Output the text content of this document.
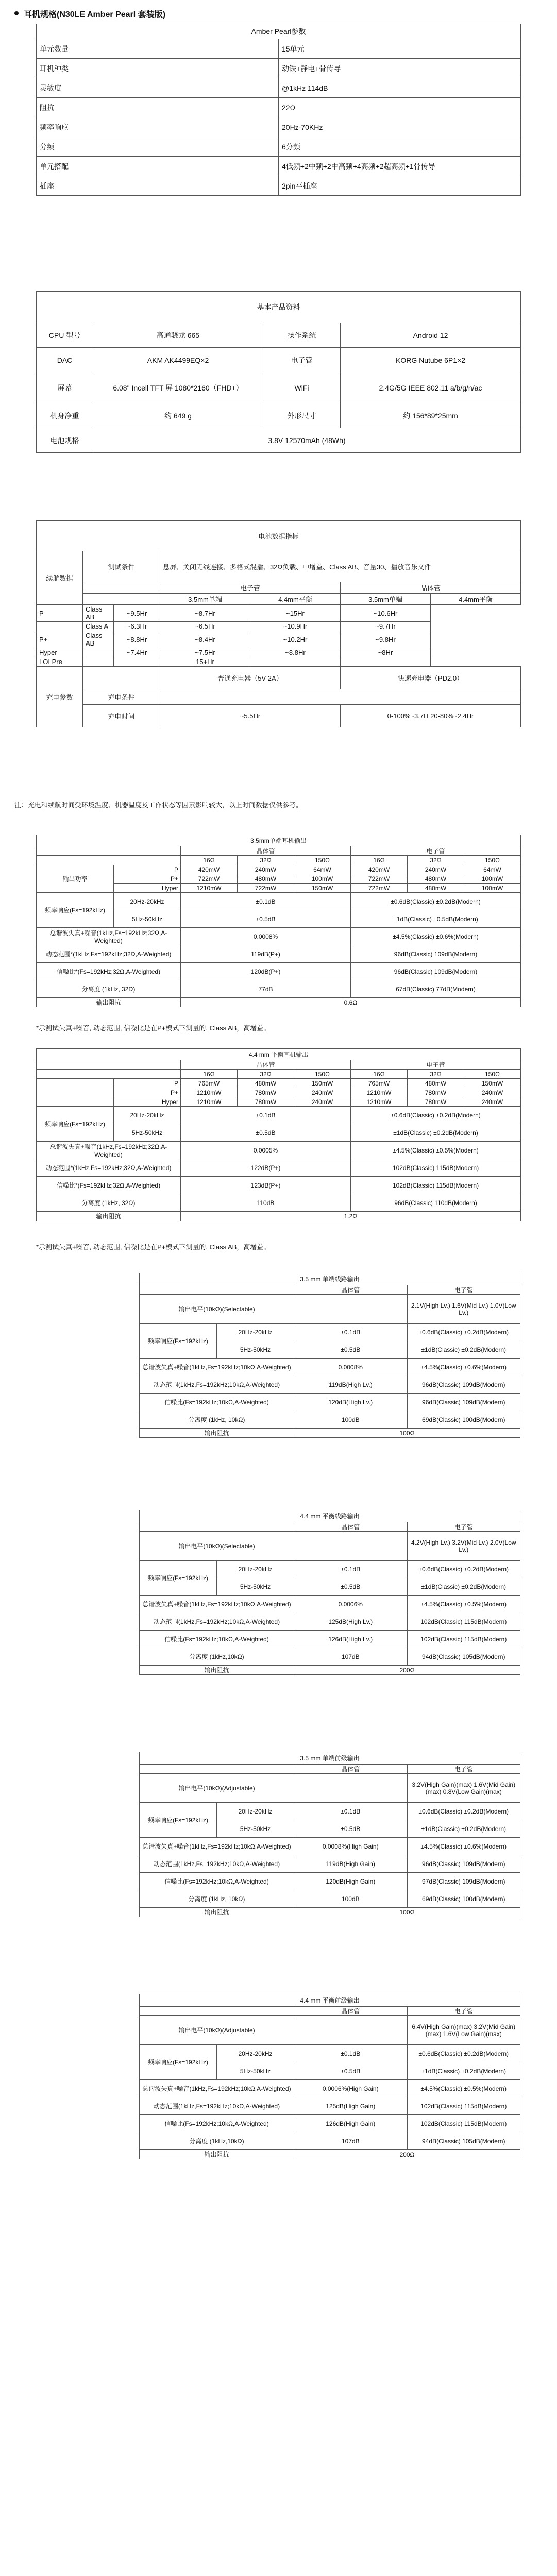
耳机规格(N30LE Amber Pearl 套装版)
Amber Pearl参数	
单元数量	15单元
耳机种类	动铁+静电+骨传导
灵敏度	@1kHz 114dB
阻抗	22Ω
频率响应	20Hz-70KHz
分频	6分频
单元搭配	4低频+2中频+2中高频+4高频+2超高频+1骨传导
插座	2pin平插座
基本产品资料			
CPU 型号	高通骁龙 665	操作系统	Android 12
DAC	AKM AK4499EQ×2	电子管	KORG Nutube 6P1×2
屏幕	6.08" Incell TFT 屏 1080*2160（FHD+）	WiFi	2.4G/5G IEEE 802.11 a/b/g/n/ac
机身净重	约 649 g	外形尺寸	约 156*89*25mm
电池规格	3.8V 12570mAh (48Wh)		
电池数据指标						
续航数据	测试条件		息屏、关闭无线连接、多格式混播、32Ω负载、中增益、Class AB、音量30、播放音乐文件			
			电子管		晶体管	
			3.5mm单端	4.4mm平衡	3.5mm单端	4.4mm平衡
P	Class AB	~9.5Hr	~8.7Hr	~15Hr	~10.6Hr	
	Class A	~6.3Hr	~6.5Hr	~10.9Hr	~9.7Hr	
P+	Class AB	~8.8Hr	~8.4Hr	~10.2Hr	~9.8Hr	
Hyper		~7.4Hr	~7.5Hr	~8.8Hr	~8Hr	
LOI Pre			15+Hr			
充电参数			普通充电器（5V-2A）		快速充电器（PD2.0）	
	充电条件					
	充电时间		~5.5Hr		0-100%~3.7H 20-80%~2.4Hr	
注：充电和续航时间受环境温度、机器温度及工作状态等因素影响较大，以上时间数据仅供参考。
3.5mm单端耳机输出							
		晶体管			电子管		
		16Ω	32Ω	150Ω	16Ω	32Ω	150Ω
输出功率	P	420mW	240mW	64mW	420mW	240mW	64mW
	P+	722mW	480mW	100mW	722mW	480mW	100mW
	Hyper	1210mW	722mW	150mW	722mW	480mW	100mW
频率响应(Fs=192kHz)	20Hz-20kHz	±0.1dB			±0.6dB(Classic) ±0.2dB(Modern)		
	5Hz-50kHz	±0.5dB			±1dB(Classic) ±0.5dB(Modern)		
总谐波失真+噪音(1kHz,Fs=192kHz;32Ω,A-Weighted)		0.0008%			±4.5%(Classic) ±0.6%(Modern)		
动态范围*(1kHz,Fs=192kHz;32Ω,A-Weighted)		119dB(P+)			96dB(Classic) 109dB(Modern)		
信噪比*(Fs=192kHz;32Ω,A-Weighted)		120dB(P+)			96dB(Classic) 109dB(Modern)		
分离度 (1kHz, 32Ω)		77dB			67dB(Classic) 77dB(Modern)		
输出阻抗		0.6Ω					
*示测试失真+噪音, 动态范围, 信噪比是在P+模式下测量的, Class AB，高增益。
4.4 mm 平衡耳机输出							
		晶体管			电子管		
		16Ω	32Ω	150Ω	16Ω	32Ω	150Ω
	P	765mW	480mW	150mW	765mW	480mW	150mW
	P+	1210mW	780mW	240mW	1210mW	780mW	240mW
	Hyper	1210mW	780mW	240mW	1210mW	780mW	240mW
频率响应(Fs=192kHz)	20Hz-20kHz	±0.1dB			±0.6dB(Classic) ±0.2dB(Modern)		
	5Hz-50kHz	±0.5dB			±1dB(Classic) ±0.2dB(Modern)		
总谐波失真+噪音(1kHz,Fs=192kHz;32Ω,A-Weighted)		0.0005%			±4.5%(Classic) ±0.5%(Modern)		
动态范围*(1kHz,Fs=192kHz;32Ω,A-Weighted)		122dB(P+)			102dB(Classic) 115dB(Modern)		
信噪比*(Fs=192kHz;32Ω,A-Weighted)		123dB(P+)			102dB(Classic) 115dB(Modern)		
分离度 (1kHz, 32Ω)		110dB			96dB(Classic) 110dB(Modern)		
输出阻抗		1.2Ω					
*示测试失真+噪音, 动态范围, 信噪比是在P+模式下测量的, Class AB，高增益。
3.5 mm 单端线路输出			
		晶体管	电子管
输出电平(10kΩ)(Selectable)			2.1V(High Lv.) 1.6V(Mid Lv.) 1.0V(Low Lv.)
频率响应(Fs=192kHz)	20Hz-20kHz	±0.1dB	±0.6dB(Classic) ±0.2dB(Modern)
	5Hz-50kHz	±0.5dB	±1dB(Classic) ±0.2dB(Modern)
总谐波失真+噪音(1kHz,Fs=192kHz;10kΩ,A-Weighted)		0.0008%	±4.5%(Classic) ±0.6%(Modern)
动态范围(1kHz,Fs=192kHz;10kΩ,A-Weighted)		119dB(High Lv.)	96dB(Classic) 109dB(Modern)
信噪比(Fs=192kHz;10kΩ,A-Weighted)		120dB(High Lv.)	96dB(Classic) 109dB(Modern)
分离度 (1kHz, 10kΩ)		100dB	69dB(Classic) 100dB(Modern)
输出阻抗		100Ω	
4.4 mm 平衡线路输出			
		晶体管	电子管
输出电平(10kΩ)(Selectable)			4.2V(High Lv.) 3.2V(Mid Lv.) 2.0V(Low Lv.)
频率响应(Fs=192kHz)	20Hz-20kHz	±0.1dB	±0.6dB(Classic) ±0.2dB(Modern)
	5Hz-50kHz	±0.5dB	±1dB(Classic) ±0.2dB(Modern)
总谐波失真+噪音(1kHz,Fs=192kHz;10kΩ,A-Weighted)		0.0006%	±4.5%(Classic) ±0.5%(Modern)
动态范围(1kHz,Fs=192kHz;10kΩ,A-Weighted)		125dB(High Lv.)	102dB(Classic) 115dB(Modern)
信噪比(Fs=192kHz;10kΩ,A-Weighted)		126dB(High Lv.)	102dB(Classic) 115dB(Modern)
分离度 (1kHz,10kΩ)		107dB	94dB(Classic) 105dB(Modern)
输出阻抗		200Ω	
3.5 mm 单端前级输出			
		晶体管	电子管
输出电平(10kΩ)(Adjustable)			3.2V(High Gain)(max) 1.6V(Mid Gain)(max) 0.8V(Low Gain)(max)
频率响应(Fs=192kHz)	20Hz-20kHz	±0.1dB	±0.6dB(Classic) ±0.2dB(Modern)
	5Hz-50kHz	±0.5dB	±1dB(Classic) ±0.2dB(Modern)
总谐波失真+噪音(1kHz,Fs=192kHz;10kΩ,A-Weighted)		0.0008%(High Gain)	±4.5%(Classic) ±0.6%(Modern)
动态范围(1kHz,Fs=192kHz;10kΩ,A-Weighted)		119dB(High Gain)	96dB(Classic) 109dB(Modern)
信噪比(Fs=192kHz;10kΩ,A-Weighted)		120dB(High Gain)	97dB(Classic) 109dB(Modern)
分离度 (1kHz, 10kΩ)		100dB	69dB(Classic) 100dB(Modern)
输出阻抗		100Ω	
4.4 mm 平衡前级输出			
		晶体管	电子管
输出电平(10kΩ)(Adjustable)			6.4V(High Gain)(max) 3.2V(Mid Gain)(max) 1.6V(Low Gain)(max)
频率响应(Fs=192kHz)	20Hz-20kHz	±0.1dB	±0.6dB(Classic) ±0.2dB(Modern)
	5Hz-50kHz	±0.5dB	±1dB(Classic) ±0.2dB(Modern)
总谐波失真+噪音(1kHz,Fs=192kHz;10kΩ,A-Weighted)		0.0006%(High Gain)	±4.5%(Classic) ±0.5%(Modern)
动态范围(1kHz,Fs=192kHz;10kΩ,A-Weighted)		125dB(High Gain)	102dB(Classic) 115dB(Modern)
信噪比(Fs=192kHz;10kΩ,A-Weighted)		126dB(High Gain)	102dB(Classic) 115dB(Modern)
分离度 (1kHz,10kΩ)		107dB	94dB(Classic) 105dB(Modern)
输出阻抗		200Ω	
